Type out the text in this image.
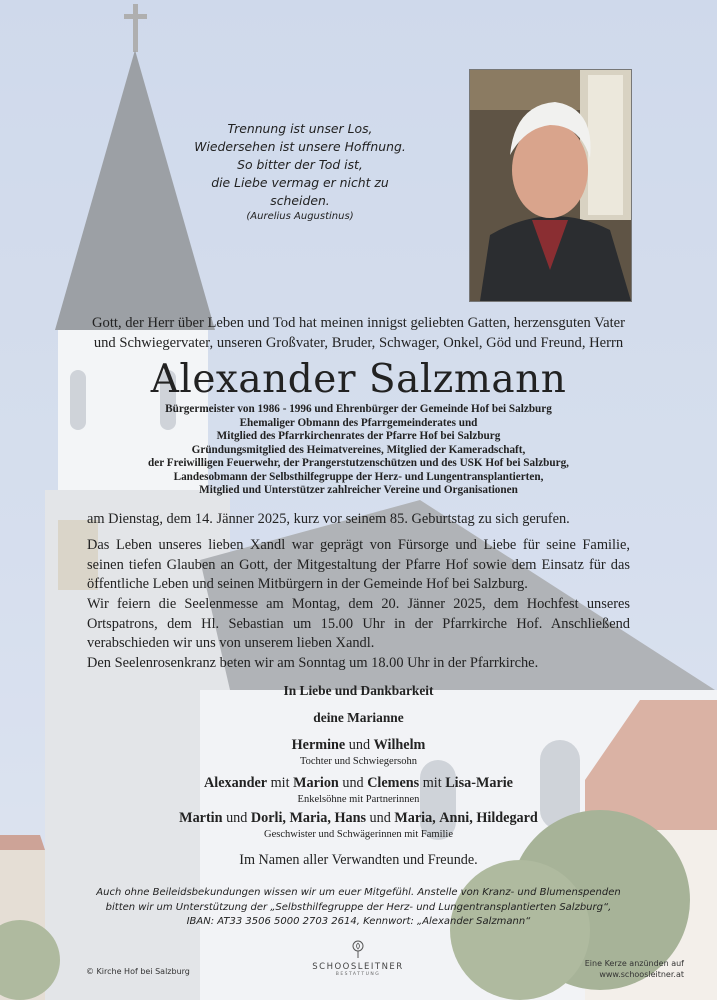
Trennung ist unser Los,
Wiedersehen ist unsere Hoffnung.
So bitter der Tod ist,
die Liebe vermag er nicht zu scheiden.
(Aurelius Augustinus)
Gott, der Herr über Leben und Tod hat meinen innigst geliebten Gatten, herzensguten Vater und Schwiegervater, unseren Großvater, Bruder, Schwager, Onkel, Göd und Freund, Herrn
Alexander Salzmann
Bürgermeister von 1986 - 1996 und Ehrenbürger der Gemeinde Hof bei Salzburg
Ehemaliger Obmann des Pfarrgemeinderates und
Mitglied des Pfarrkirchenrates der Pfarre Hof bei Salzburg
Gründungsmitglied des Heimatvereines, Mitglied der Kameradschaft,
der Freiwilligen Feuerwehr, der Prangerstutzenschützen und des USK Hof bei Salzburg,
Landesobmann der Selbsthilfegruppe der Herz- und Lungentransplantierten,
Mitglied und Unterstützer zahlreicher Vereine und Organisationen
am Dienstag, dem 14. Jänner 2025, kurz vor seinem 85. Geburtstag zu sich gerufen.
Das Leben unseres lieben Xandl war geprägt von Fürsorge und Liebe für seine Familie, seinen tiefen Glauben an Gott, der Mitgestaltung der Pfarre Hof sowie dem Einsatz für das öffentliche Leben und seinen Mitbürgern in der Gemeinde Hof bei Salzburg.
Wir feiern die Seelenmesse am Montag, dem 20. Jänner 2025, dem Hochfest unseres Ortspatrons, dem Hl. Sebastian um 15.00 Uhr in der Pfarrkirche Hof. Anschließend verabschieden wir uns von unserem lieben Xandl.
Den Seelenrosenkranz beten wir am Sonntag um 18.00 Uhr in der Pfarrkirche.
In Liebe und Dankbarkeit
deine Marianne
Hermine und Wilhelm
Tochter und Schwiegersohn
Alexander mit Marion und Clemens mit Lisa-Marie
Enkelsöhne mit Partnerinnen
Martin und Dorli, Maria, Hans und Maria, Anni, Hildegard
Geschwister und Schwägerinnen mit Familie
Im Namen aller Verwandten und Freunde.
Auch ohne Beileidsbekundungen wissen wir um euer Mitgefühl. Anstelle von Kranz- und Blumenspenden
bitten wir um Unterstützung der „Selbsthilfegruppe der Herz- und Lungentransplantierten Salzburg“,
IBAN: AT33 3506 5000 2703 2614, Kennwort: „Alexander Salzmann“
© Kirche Hof bei Salzburg	SCHOOSLEITNER
BESTATTUNG
Eine Kerze anzünden auf
www.schoosleitner.at
